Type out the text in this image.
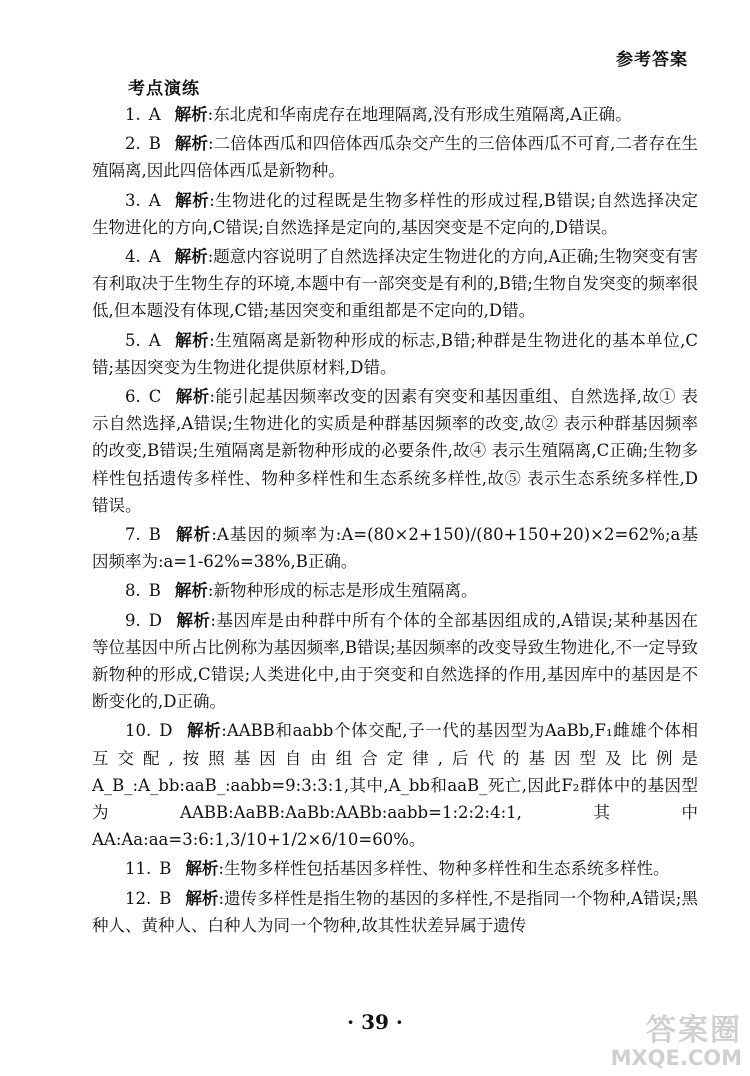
参考答案
考点演练

1. A 解析:东北虎和华南虎存在地理隔离,没有形成生殖隔离,A正确。

2. B 解析:二倍体西瓜和四倍体西瓜杂交产生的三倍体西瓜不可育,二者存在生殖隔离,因此四倍体西瓜是新物种。

3. A 解析:生物进化的过程既是生物多样性的形成过程,B错误;自然选择决定生物进化的方向,C错误;自然选择是定向的,基因突变是不定向的,D错误。

4. A 解析:题意内容说明了自然选择决定生物进化的方向,A正确;生物突变有害有利取决于生物生存的环境,本题中有一部突变是有利的,B错;生物自发突变的频率很低,但本题没有体现,C错;基因突变和重组都是不定向的,D错。

5. A 解析:生殖隔离是新物种形成的标志,B错;种群是生物进化的基本单位,C错;基因突变为生物进化提供原材料,D错。

6. C 解析:能引起基因频率改变的因素有突变和基因重组、自然选择,故① 表示自然选择,A错误;生物进化的实质是种群基因频率的改变,故② 表示种群基因频率的改变,B错误;生殖隔离是新物种形成的必要条件,故④ 表示生殖隔离,C正确;生物多样性包括遗传多样性、物种多样性和生态系统多样性,故⑤ 表示生态系统多样性,D错误。

7. B 解析:A基因的频率为:A=(80×2+150)/(80+150+20)×2=62%;a基因频率为:a=1-62%=38%,B正确。

8. B 解析:新物种形成的标志是形成生殖隔离。

9. D 解析:基因库是由种群中所有个体的全部基因组成的,A错误;某种基因在等位基因中所占比例称为基因频率,B错误;基因频率的改变导致生物进化,不一定导致新物种的形成,C错误;人类进化中,由于突变和自然选择的作用,基因库中的基因是不断变化的,D正确。

10. D 解析:AABB和aabb个体交配,子一代的基因型为AaBb,F₁雌雄个体相互交配,按照基因自由组合定律,后代的基因型及比例是A_B_:A_bb:aaB_:aabb=9:3:3:1,其中,A_bb和aaB_死亡,因此F₂群体中的基因型为AABB:AaBB:AaBb:AABb:aabb=1:2:2:4:1,其中AA:Aa:aa=3:6:1,3/10+1/2×6/10=60%。

11. B 解析:生物多样性包括基因多样性、物种多样性和生态系统多样性。

12. B 解析:遗传多样性是指生物的基因的多样性,不是指同一个物种,A错误;黑种人、黄种人、白种人为同一个物种,故其性状差异属于遗传

· 39 ·	答案圈
MXQE.COM
